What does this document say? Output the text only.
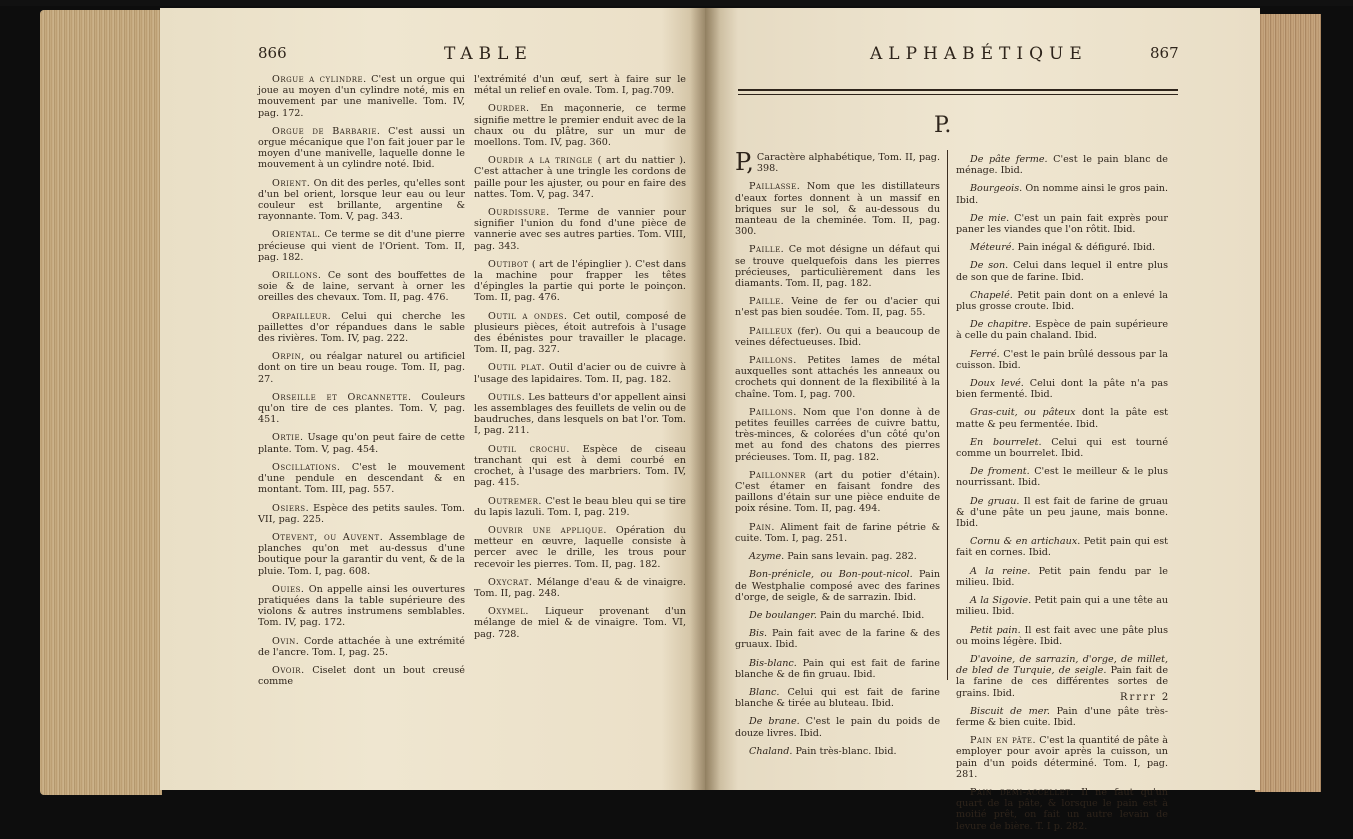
866	TABLE	ALPHABÉTIQUE	867
P.

Orgue a cylindre. C'est un orgue qui joue au moyen d'un cylindre noté, mis en mouvement par une manivelle. Tom. IV, pag. 172.

Orgue de Barbarie. C'est aussi un orgue mécanique que l'on fait jouer par le moyen d'une manivelle, laquelle donne le mouvement à un cylindre noté. Ibid.

Orient. On dit des perles, qu'elles sont d'un bel orient, lorsque leur eau ou leur couleur est brillante, argentine & rayonnante. Tom. V, pag. 343.

Oriental. Ce terme se dit d'une pierre précieuse qui vient de l'Orient. Tom. II, pag. 182.

Orillons. Ce sont des bouffettes de soie & de laine, servant à orner les oreilles des chevaux. Tom. II, pag. 476.

Orpailleur. Celui qui cherche les paillettes d'or répandues dans le sable des rivières. Tom. IV, pag. 222.

Orpin, ou réalgar naturel ou artificiel dont on tire un beau rouge. Tom. II, pag. 27.

Orseille et Orcannette. Couleurs qu'on tire de ces plantes. Tom. V, pag. 451.

Ortie. Usage qu'on peut faire de cette plante. Tom. V, pag. 454.

Oscillations. C'est le mouvement d'une pendule en descendant & en montant. Tom. III, pag. 557.

Osiers. Espèce des petits saules. Tom. VII, pag. 225.

Otevent, ou Auvent. Assemblage de planches qu'on met au-dessus d'une boutique pour la garantir du vent, & de la pluie. Tom. I, pag. 608.

Ouies. On appelle ainsi les ouvertures pratiquées dans la table supérieure des violons & autres instrumens semblables. Tom. IV, pag. 172.

Ovin. Corde attachée à une extrémité de l'ancre. Tom. I, pag. 25.

Ovoir. Ciselet dont un bout creusé comme

l'extrémité d'un œuf, sert à faire sur le métal un relief en ovale. Tom. I, pag.709.

Ourder. En maçonnerie, ce terme signifie mettre le premier enduit avec de la chaux ou du plâtre, sur un mur de moellons. Tom. IV, pag. 360.

Ourdir a la tringle ( art du nattier ). C'est attacher à une tringle les cordons de paille pour les ajuster, ou pour en faire des nattes. Tom. V, pag. 347.

Ourdissure. Terme de vannier pour signifier l'union du fond d'une pièce de vannerie avec ses autres parties. Tom. VIII, pag. 343.

Outibot ( art de l'épinglier ). C'est dans la machine pour frapper les têtes d'épingles la partie qui porte le poinçon. Tom. II, pag. 476.

Outil a ondes. Cet outil, composé de plusieurs pièces, étoit autrefois à l'usage des ébénistes pour travailler le placage. Tom. II, pag. 327.

Outil plat. Outil d'acier ou de cuivre à l'usage des lapidaires. Tom. II, pag. 182.

Outils. Les batteurs d'or appellent ainsi les assemblages des feuillets de velin ou de baudruches, dans lesquels on bat l'or. Tom. I, pag. 211.

Outil crochu. Espèce de ciseau tranchant qui est à demi courbé en crochet, à l'usage des marbriers. Tom. IV, pag. 415.

Outremer. C'est le beau bleu qui se tire du lapis lazuli. Tom. I, pag. 219.

Ouvrir une applique. Opération du metteur en œuvre, laquelle consiste à percer avec le drille, les trous pour recevoir les pierres. Tom. II, pag. 182.

Oxycrat. Mélange d'eau & de vinaigre. Tom. II, pag. 248.

Oxymel. Liqueur provenant d'un mélange de miel & de vinaigre. Tom. VI, pag. 728.

P, Caractère alphabétique, Tom. II, pag. 398.

Paillasse. Nom que les distillateurs d'eaux fortes donnent à un massif en briques sur le sol, & au-dessous du manteau de la cheminée. Tom. II, pag. 300.

Paille. Ce mot désigne un défaut qui se trouve quelquefois dans les pierres précieuses, particulièrement dans les diamants. Tom. II, pag. 182.

Paille. Veine de fer ou d'acier qui n'est pas bien soudée. Tom. II, pag. 55.

Pailleux (fer). Ou qui a beaucoup de veines défectueuses. Ibid.

Paillons. Petites lames de métal auxquelles sont attachés les anneaux ou crochets qui donnent de la flexibilité à la chaîne. Tom. I, pag. 700.

Paillons. Nom que l'on donne à de petites feuilles carrées de cuivre battu, très-minces, & colorées d'un côté qu'on met au fond des chatons des pierres précieuses. Tom. II, pag. 182.

Paillonner (art du potier d'étain). C'est étamer en faisant fondre des paillons d'étain sur une pièce enduite de poix résine. Tom. II, pag. 494.

Pain. Aliment fait de farine pétrie & cuite. Tom. I, pag. 251.

Azyme. Pain sans levain. pag. 282.

Bon-prénicle, ou Bon-pout-nicol. Pain de Westphalie composé avec des farines d'orge, de seigle, & de sarrazin. Ibid.

De boulanger. Pain du marché. Ibid.

Bis. Pain fait avec de la farine & des gruaux. Ibid.

Bis-blanc. Pain qui est fait de farine blanche & de fin gruau. Ibid.

Blanc. Celui qui est fait de farine blanche & tirée au bluteau. Ibid.

De brane. C'est le pain du poids de douze livres. Ibid.

Chaland. Pain très-blanc. Ibid.

De pâte ferme. C'est le pain blanc de ménage. Ibid.

Bourgeois. On nomme ainsi le gros pain. Ibid.

De mie. C'est un pain fait exprès pour paner les viandes que l'on rôtit. Ibid.

Méteuré. Pain inégal & défiguré. Ibid.

De son. Celui dans lequel il entre plus de son que de farine. Ibid.

Chapelé. Petit pain dont on a enlevé la plus grosse croute. Ibid.

De chapitre. Espèce de pain supérieure à celle du pain chaland. Ibid.

Ferré. C'est le pain brûlé dessous par la cuisson. Ibid.

Doux levé. Celui dont la pâte n'a pas bien fermenté. Ibid.

Gras-cuit, ou pâteux dont la pâte est matte & peu fermentée. Ibid.

En bourrelet. Celui qui est tourné comme un bourrelet. Ibid.

De froment. C'est le meilleur & le plus nourrissant. Ibid.

De gruau. Il est fait de farine de gruau & d'une pâte un peu jaune, mais bonne. Ibid.

Cornu & en artichaux. Petit pain qui est fait en cornes. Ibid.

A la reine. Petit pain fendu par le milieu. Ibid.

A la Sigovie. Petit pain qui a une tête au milieu. Ibid.

Petit pain. Il est fait avec une pâte plus ou moins légère. Ibid.

D'avoine, de sarrazin, d'orge, de millet, de bled de Turquie, de seigle. Pain fait de la farine de ces différentes sortes de grains. Ibid.

Biscuit de mer. Pain d'une pâte très-ferme & bien cuite. Ibid.

Pain en pâte. C'est la quantité de pâte à employer pour avoir après la cuisson, un pain d'un poids déterminé. Tom. I, pag. 281.

Pain demi-accellet. Il ne faut qu'un quart de la pâte, & lorsque le pain est à moitié prêt, on fait un autre levain de levure de bière. T. I p. 282.

Rrrrr 2
